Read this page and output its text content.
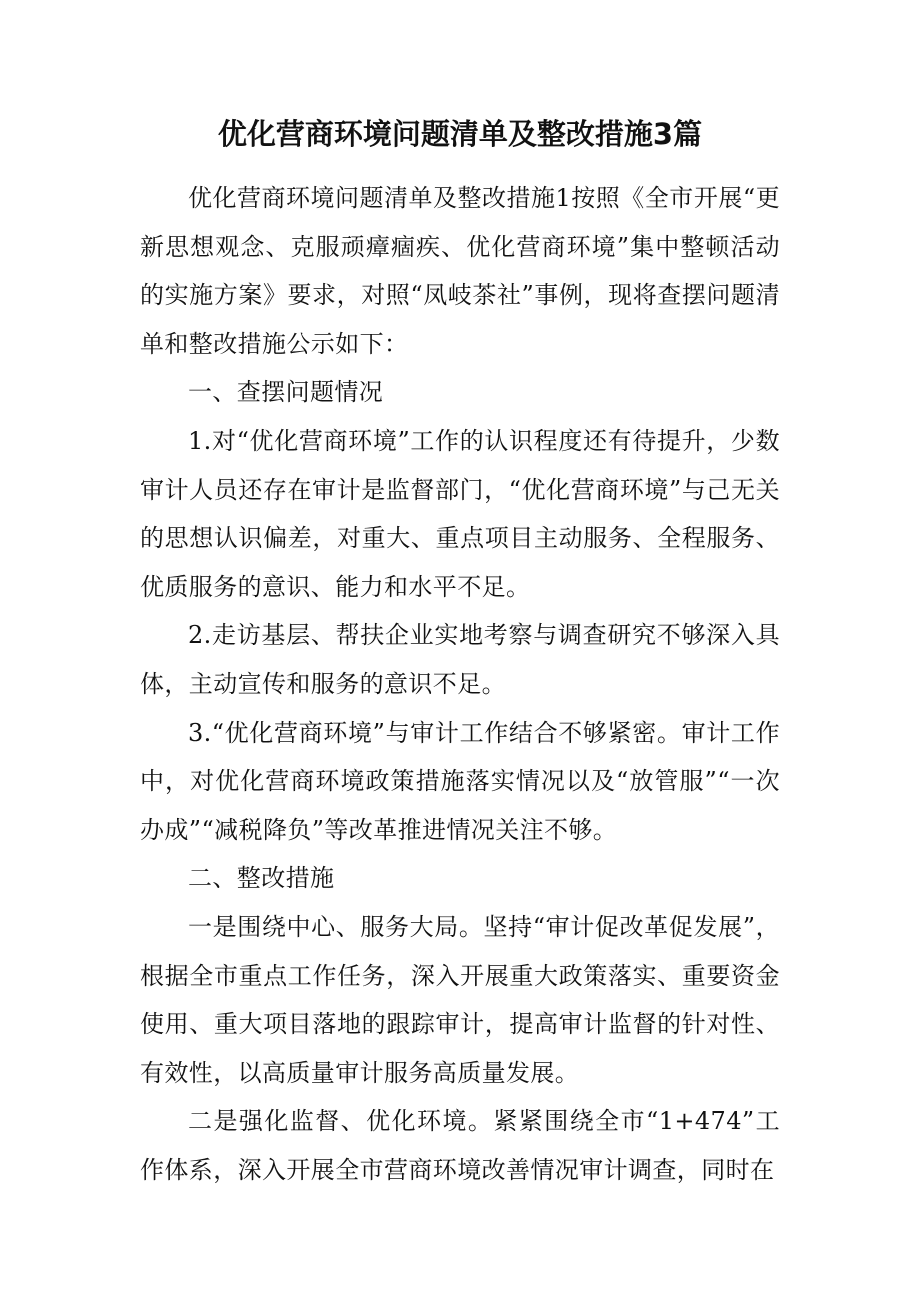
优化营商环境问题清单及整改措施3篇

优化营商环境问题清单及整改措施1按照《全市开展“更新思想观念、克服顽瘴痼疾、优化营商环境”集中整顿活动的实施方案》要求，对照“凤岐茶社”事例，现将查摆问题清单和整改措施公示如下：

一、查摆问题情况

1.对“优化营商环境”工作的认识程度还有待提升，少数审计人员还存在审计是监督部门，“优化营商环境”与己无关的思想认识偏差，对重大、重点项目主动服务、全程服务、优质服务的意识、能力和水平不足。

2.走访基层、帮扶企业实地考察与调查研究不够深入具体，主动宣传和服务的意识不足。

3.“优化营商环境”与审计工作结合不够紧密。审计工作中，对优化营商环境政策措施落实情况以及“放管服”“一次办成”“减税降负”等改革推进情况关注不够。

二、整改措施

一是围绕中心、服务大局。坚持“审计促改革促发展”，根据全市重点工作任务，深入开展重大政策落实、重要资金使用、重大项目落地的跟踪审计，提高审计监督的针对性、有效性，以高质量审计服务高质量发展。

二是强化监督、优化环境。紧紧围绕全市“1+474”工作体系，深入开展全市营商环境改善情况审计调查，同时在
